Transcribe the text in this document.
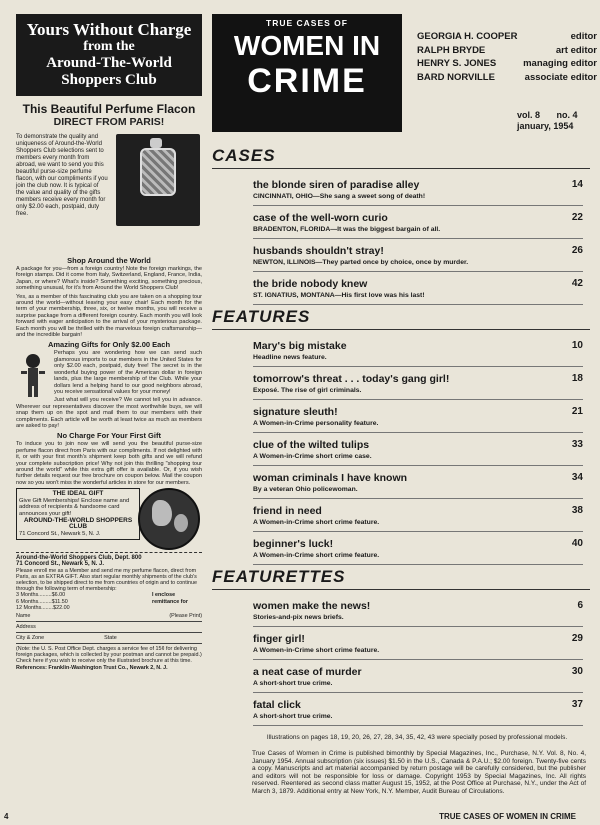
Yours Without Charge
from the
Around-The-World
Shoppers Club
This Beautiful Perfume Flacon
DIRECT FROM PARIS!

To demonstrate the quality and uniqueness of Around-the-World Shoppers Club selections sent to members every month from abroad, we want to send you this beautiful purse-size perfume flacon, with our compliments if you join the club now. It is typical of the value and quality of the gifts members receive every month for only $2.00 each, postpaid, duty free.

Shop Around the World

A package for you—from a foreign country! Note the foreign markings, the foreign stamps. Did it come from Italy, Switzerland, England, France, India, Japan, or where? What's inside? Something exciting, something precious, something unusual, for it's from Around the World Shoppers Club!

Yes, as a member of this fascinating club you are taken on a shopping tour around the world—without leaving your easy chair! Each month for the term of your membership, three, six, or twelve months, you will receive a surprise package from a different foreign country. Each month you will look forward with eager anticipation to the arrival of your mysterious package. Each month you will be thrilled with the marvelous foreign craftsmanship—and the incredible bargain!

Amazing Gifts for Only $2.00 Each

Perhaps you are wondering how we can send such glamorous imports to our members in the United States for only $2.00 each, postpaid, duty free! The secret is in the wonderful buying power of the American dollar in foreign lands, plus the large membership of the Club. While your dollars lend a helping hand to our good neighbors abroad, you receive sensational values for your money!

Just what will you receive? We cannot tell you in advance. Wherever our representatives discover the most worthwhile buys, we will snap them up on the spot and mail them to our members with their compliments. Each article will be worth at least twice as much as members are asked to pay!

No Charge For Your First Gift

To induce you to join now we will send you the beautiful purse-size perfume flacon direct from Paris with our compliments. If not delighted with it, or with your first month's shipment keep both gifts and we will refund your complete subscription price! Why not join this thrilling "shopping tour around the world" while this extra gift offer is available. Or, if you wish further details request our free brochure on coupon below. Mail the coupon now so you won't miss the wonderful articles in store for our members.

THE IDEAL GIFT
Give Gift Memberships! Enclose name and address of recipients & handsome card announces your gift!

AROUND-THE-WORLD SHOPPERS CLUB
71 Concord St., Newark 5, N. J.
Around-the-World Shoppers Club, Dept. 800
71 Concord St., Newark 5, N. J.
Please enroll me as a Member and send me my perfume flacon, direct from Paris, as an EXTRA GIFT. Also start regular monthly shipments of the club's selection, to be shipped direct to me from countries of origin and to continue through the following term of membership:
3 Months.........$6.00
6 Months.........$11.50
12 Months........$22.00
I enclose remittance for
Name	(Please Print)
Address
City & Zone	State
(Note: the U. S. Post Office Dept. charges a service fee of 15¢ for delivering foreign packages, which is collected by your postman and cannot be prepaid.)
Check here if you wish to receive only the illustrated brochure at this time.
References: Franklin-Washington Trust Co., Newark 2, N. J.
TRUE CASES OF
WOMEN IN
CRIME
GEORGIA H. COOPER	editor
RALPH BRYDE	art editor
HENRY S. JONES	managing editor
BARD NORVILLE	associate editor
vol. 8 no. 4
january, 1954
CASES
the blonde siren of paradise alley	14
CINCINNATI, OHIO—She sang a sweet song of death!
case of the well-worn curio	22
BRADENTON, FLORIDA—It was the biggest bargain of all.
husbands shouldn't stray!	26
NEWTON, ILLINOIS—They parted once by choice, once by murder.
the bride nobody knew	42
ST. IGNATIUS, MONTANA—His first love was his last!
FEATURES
Mary's big mistake	10
Headline news feature.
tomorrow's threat . . . today's gang girl!	18
Exposé. The rise of girl criminals.
signature sleuth!	21
A Women-in-Crime personality feature.
clue of the wilted tulips	33
A Women-in-Crime short crime case.
woman criminals I have known	34
By a veteran Ohio policewoman.
friend in need	38
A Women-in-Crime short crime feature.
beginner's luck!	40
A Women-in-Crime short crime feature.
FEATURETTES
women make the news!	6
Stories-and-pix news briefs.
finger girl!	29
A Women-in-Crime short crime feature.
a neat case of murder	30
A short-short true crime.
fatal click	37
A short-short true crime.
Illustrations on pages 18, 19, 20, 26, 27, 28, 34, 35, 42, 43 were specially posed by professional models.
True Cases of Women in Crime is published bimonthly by Special Magazines, Inc., Purchase, N.Y. Vol. 8, No. 4, January 1954. Annual subscription (six issues) $1.50 in the U.S., Canada & P.A.U.; $2.00 foreign. Twenty-five cents a copy. Manuscripts and art material accompanied by return postage will be carefully considered, but the publisher and editors will not be responsible for loss or damage. Copyright 1953 by Special Magazines, Inc. All rights reserved. Reentered as second class matter August 15, 1952, at the Post Office at Purchase, N.Y., under the Act of March 3, 1879. Additional entry at New York, N.Y. Member, Audit Bureau of Circulations.
4	TRUE CASES OF WOMEN IN CRIME
